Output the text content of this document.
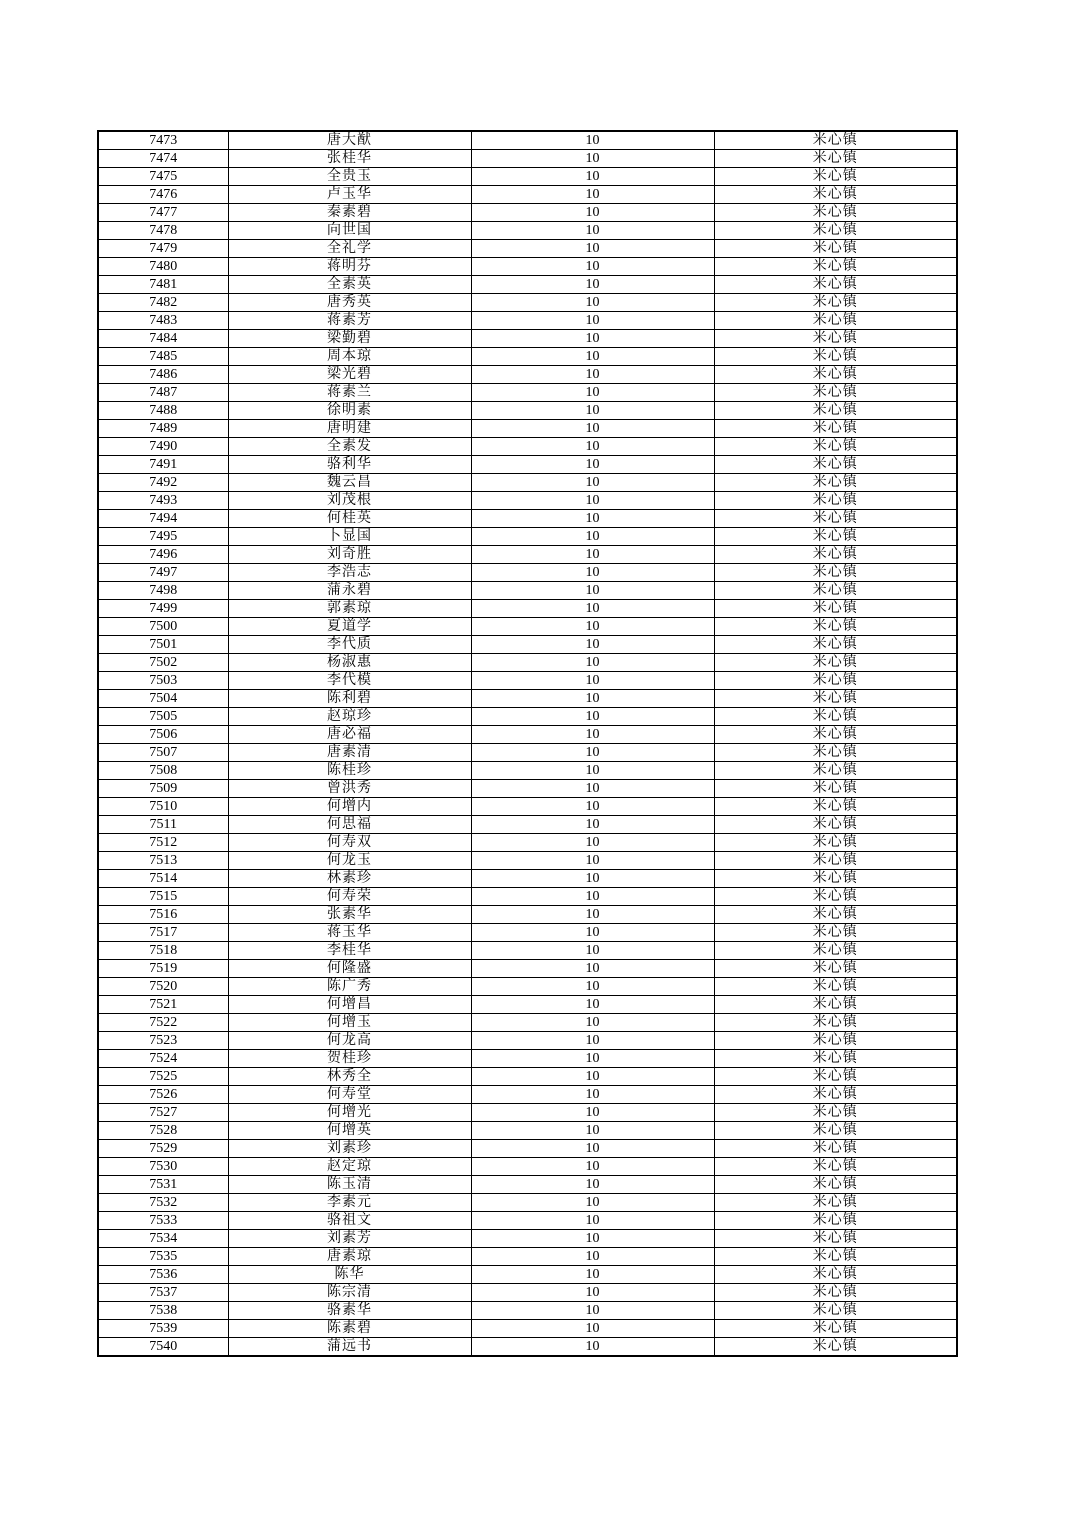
7473	唐大猷	10	米心镇
7474	张桂华	10	米心镇
7475	全贵玉	10	米心镇
7476	卢玉华	10	米心镇
7477	秦素碧	10	米心镇
7478	向世国	10	米心镇
7479	全礼学	10	米心镇
7480	蒋明芬	10	米心镇
7481	全素英	10	米心镇
7482	唐秀英	10	米心镇
7483	蒋素芳	10	米心镇
7484	梁勤碧	10	米心镇
7485	周本琼	10	米心镇
7486	梁光碧	10	米心镇
7487	蒋素兰	10	米心镇
7488	徐明素	10	米心镇
7489	唐明建	10	米心镇
7490	全素发	10	米心镇
7491	骆利华	10	米心镇
7492	魏云昌	10	米心镇
7493	刘茂根	10	米心镇
7494	何桂英	10	米心镇
7495	卜显国	10	米心镇
7496	刘奇胜	10	米心镇
7497	李浩志	10	米心镇
7498	蒲永碧	10	米心镇
7499	郭素琼	10	米心镇
7500	夏道学	10	米心镇
7501	李代质	10	米心镇
7502	杨淑惠	10	米心镇
7503	李代模	10	米心镇
7504	陈利碧	10	米心镇
7505	赵琼珍	10	米心镇
7506	唐必福	10	米心镇
7507	唐素清	10	米心镇
7508	陈桂珍	10	米心镇
7509	曾洪秀	10	米心镇
7510	何增内	10	米心镇
7511	何思福	10	米心镇
7512	何寿双	10	米心镇
7513	何龙玉	10	米心镇
7514	林素珍	10	米心镇
7515	何寿荣	10	米心镇
7516	张素华	10	米心镇
7517	蒋玉华	10	米心镇
7518	李桂华	10	米心镇
7519	何隆盛	10	米心镇
7520	陈广秀	10	米心镇
7521	何增昌	10	米心镇
7522	何增玉	10	米心镇
7523	何龙高	10	米心镇
7524	贺桂珍	10	米心镇
7525	林秀全	10	米心镇
7526	何寿堂	10	米心镇
7527	何增光	10	米心镇
7528	何增英	10	米心镇
7529	刘素珍	10	米心镇
7530	赵定琼	10	米心镇
7531	陈玉清	10	米心镇
7532	李素元	10	米心镇
7533	骆祖文	10	米心镇
7534	刘素芳	10	米心镇
7535	唐素琼	10	米心镇
7536	陈华	10	米心镇
7537	陈宗清	10	米心镇
7538	骆素华	10	米心镇
7539	陈素碧	10	米心镇
7540	蒲远书	10	米心镇
